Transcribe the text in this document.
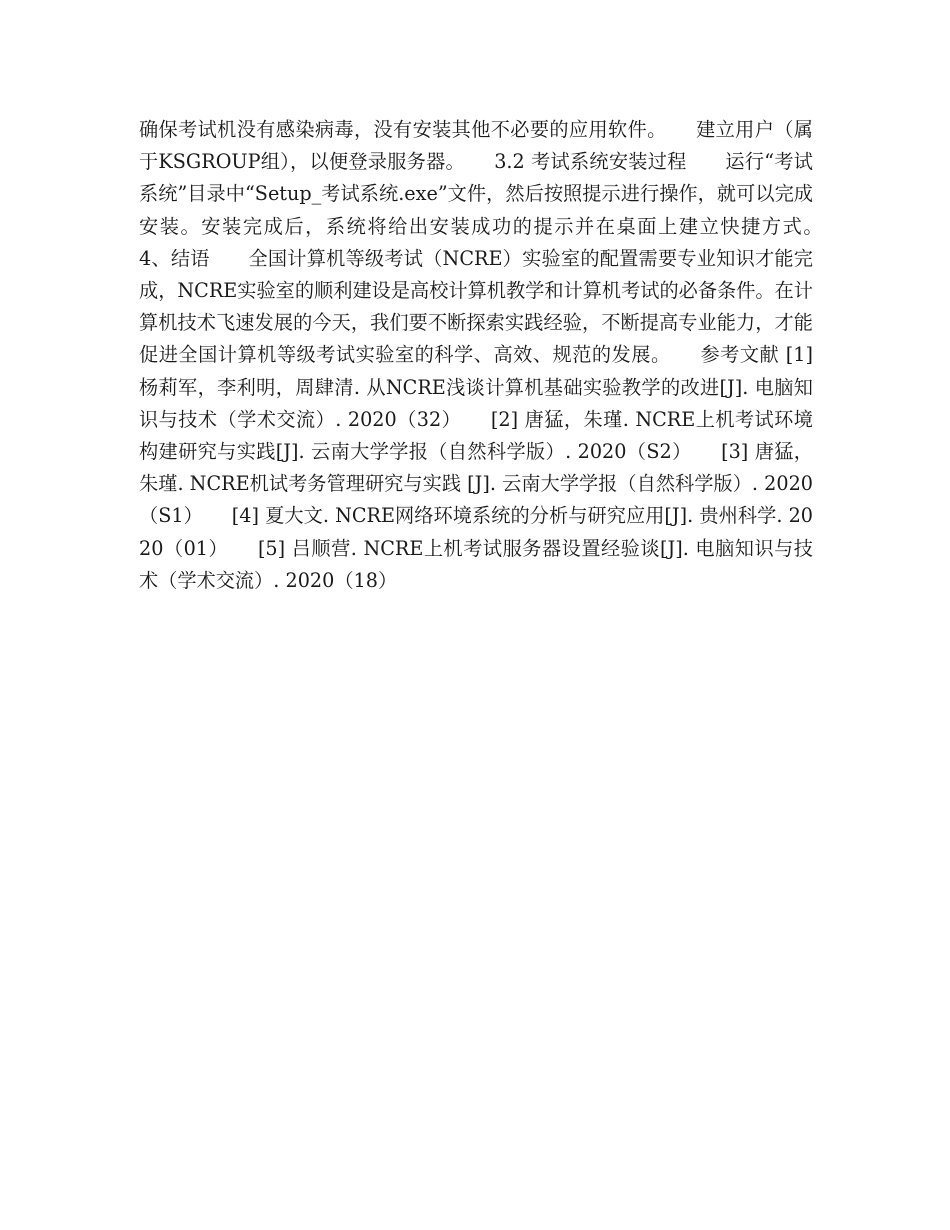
确保考试机没有感染病毒，没有安装其他不必要的应用软件。　　建立用户（属于KSGROUP组），以便登录服务器。　　3.2 考试系统安装过程　　运行“考试系统”目录中“Setup_考试系统.exe”文件，然后按照提示进行操作，就可以完成安装。安装完成后，系统将给出安装成功的提示并在桌面上建立快捷方式。　　4、结语　　全国计算机等级考试（NCRE）实验室的配置需要专业知识才能完成，NCRE实验室的顺利建设是高校计算机教学和计算机考试的必备条件。在计算机技术飞速发展的今天，我们要不断探索实践经验，不断提高专业能力，才能促进全国计算机等级考试实验室的科学、高效、规范的发展。　　参考文献 [1] 杨莉军，李利明，周肆清. 从NCRE浅谈计算机基础实验教学的改进[J]. 电脑知识与技术（学术交流）. 2020（32）　　[2] 唐猛，朱瑾. NCRE上机考试环境构建研究与实践[J]. 云南大学学报（自然科学版）. 2020（S2）　　[3] 唐猛，朱瑾. NCRE机试考务管理研究与实践 [J]. 云南大学学报（自然科学版）. 2020（S1）　　[4] 夏大文. NCRE网络环境系统的分析与研究应用[J]. 贵州科学. 2020（01）　　[5] 吕顺营. NCRE上机考试服务器设置经验谈[J]. 电脑知识与技术（学术交流）. 2020（18）
